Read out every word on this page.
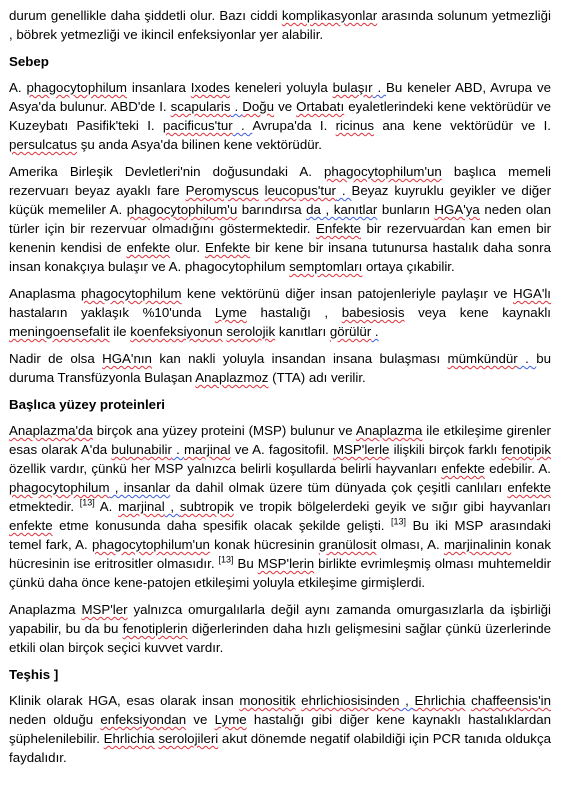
durum genellikle daha şiddetli olur. Bazı ciddi komplikasyonlar arasında solunum yetmezliği , böbrek yetmezliği ve ikincil enfeksiyonlar yer alabilir.

Sebep

A. phagocytophilum insanlara Ixodes keneleri yoluyla bulaşır . Bu keneler ABD, Avrupa ve Asya'da bulunur. ABD'de I. scapularis . Doğu ve Ortabatı eyaletlerindeki kene vektörüdür ve Kuzeybatı Pasifik'teki I. pacificus'tur . Avrupa'da I. ricinus ana kene vektörüdür ve I. persulcatus şu anda Asya'da bilinen kene vektörüdür.

Amerika Birleşik Devletleri'nin doğusundaki A. phagocytophilum'un başlıca memeli rezervuarı beyaz ayaklı fare Peromyscus leucopus'tur . Beyaz kuyruklu geyikler ve diğer küçük memeliler A. phagocytophilum'u barındırsa da , kanıtlar bunların HGA'ya neden olan türler için bir rezervuar olmadığını göstermektedir. Enfekte bir rezervuardan kan emen bir kenenin kendisi de enfekte olur. Enfekte bir kene bir insana tutunursa hastalık daha sonra insan konakçıya bulaşır ve A. phagocytophilum semptomları ortaya çıkabilir.

Anaplasma phagocytophilum kene vektörünü diğer insan patojenleriyle paylaşır ve HGA'lı hastaların yaklaşık %10'unda Lyme hastalığı , babesiosis veya kene kaynaklı meningoensefalit ile koenfeksiyonun serolojik kanıtları görülür .

Nadir de olsa HGA'nın kan nakli yoluyla insandan insana bulaşması mümkündür . bu duruma Transfüzyonla Bulaşan Anaplazmoz (TTA) adı verilir.

Başlıca yüzey proteinleri

Anaplazma'da birçok ana yüzey proteini (MSP) bulunur ve Anaplazma ile etkileşime girenler esas olarak A'da bulunabilir . marjinal ve A. fagositofil. MSP'lerle ilişkili birçok farklı fenotipik özellik vardır, çünkü her MSP yalnızca belirli koşullarda belirli hayvanları enfekte edebilir. A. phagocytophilum , insanlar da dahil olmak üzere tüm dünyada çok çeşitli canlıları enfekte etmektedir. [13] A. marjinal , subtropik ve tropik bölgelerdeki geyik ve sığır gibi hayvanları enfekte etme konusunda daha spesifik olacak şekilde gelişti. [13] Bu iki MSP arasındaki temel fark, A. phagocytophilum'un konak hücresinin granülosit olması, A. marjinalinin konak hücresinin ise eritrositler olmasıdır. [13] Bu MSP'lerin birlikte evrimleşmiş olması muhtemeldir çünkü daha önce kene-patojen etkileşimi yoluyla etkileşime girmişlerdi.

Anaplazma MSP'ler yalnızca omurgalılarla değil aynı zamanda omurgasızlarla da işbirliği yapabilir, bu da bu fenotiplerin diğerlerinden daha hızlı gelişmesini sağlar çünkü üzerlerinde etkili olan birçok seçici kuvvet vardır.

Teşhis ]

Klinik olarak HGA, esas olarak insan monositik ehrlichiosisinden , Ehrlichia chaffeensis'in neden olduğu enfeksiyondan ve Lyme hastalığı gibi diğer kene kaynaklı hastalıklardan şüphelenilebilir. Ehrlichia serolojileri akut dönemde negatif olabildiği için PCR tanıda oldukça faydalıdır.
